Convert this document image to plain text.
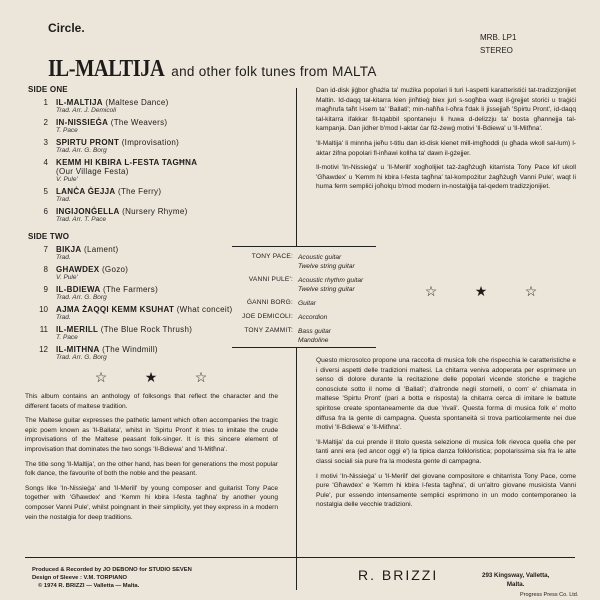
Circle.
MRB. LP1
STEREO
IL-MALTIJA and other folk tunes from MALTA
SIDE ONE
1	IL-MALTIJA (Maltese Dance)
Trad. Arr. J. Demicoli
2	IN-NISSIEĠA (The Weavers)
T. Pace
3	SPIRTU PRONT (Improvisation)
Trad. Arr. G. Borg
4	KEMM HI KBIRA L-FESTA TAGĦNA
(Our Village Festa)
V. Pule'
5	LANĊA ĠEJJA (The Ferry)
Trad.
6	INGIJONĠELLA (Nursery Rhyme)
Trad. Arr. T. Pace
SIDE TWO
7	BIKJA (Lament)
Trad.
8	GHAWDEX (Gozo)
V. Pule'
9	IL-BDIEWA (The Farmers)
Trad. Arr. G. Borg
10	AJMA ŻAQQI KEMM KSUHAT (What conceit)
Trad.
11	IL-MERILL (The Blue Rock Thrush)
T. Pace
12	IL-MITHNA (The Windmill)
Trad. Arr. G. Borg
☆	★	☆
TONY PACE: Acoustic guitar
Twelve string guitar
VANNI PULE': Acoustic rhythm guitar
Twelve string guitar
ĠANNI BORG: Guitar
JOE DEMICOLI: Accordion
TONY ZAMMIT: Bass guitar
Mandoline
☆	★	☆

Dan id-disk jiġbor għażla ta' mużika popolari li turi l-aspetti karatteristiċi tat-tradizzjonijiet Maltin. Id-daqq tal-kitarra kien jinħtieġ biex juri s-sogħba waqt il-ġrejjet storiċi u traġiċi magħrufa taħt l-isem ta' 'Ballati'; min-naħħa l-oħra f'dak li jissejjaħ 'Spirtu Pront', id-daqq tal-kitarra ifakkar fit-tqabbil spontaneju li huwa d-delizzju ta' bosta għannejja tal-kampanja. Dan jidher b'mod l-aktar ċar fiż-żewġ motivi 'Il-Bdiewa' u 'Il-Mitħna'.

'Il-Maltija' li minnha jieħu t-titlu dan id-disk kienet mill-imgħoddi (u għada wkoll sal-lum) l-aktar żifna popolari fl-inħawi kollha ta' dawn il-gżejjer.

Il-motivi 'In-Nissieġa' u 'Il-Merill' xogħolijiet taż-żagħżugħ kitarrista Tony Pace kif ukoll 'Għawdex' u 'Kemm hi kbira l-festa tagħna' tal-kompożitur żagħżugħ Vanni Pule', waqt li huma ferm sempliċi joħolqu b'mod modern in-nostalġija tal-qedem tradizzjonijiet.

This album contains an anthology of folksongs that reflect the character and the different facets of maltese tradition.

The Maltese guitar expresses the pathetic lament which often accompanies the tragic epic poem known as 'Il-Ballata', whilst in 'Spirtu Pront' it tries to imitate the crude improvisations of the Maltese peasant folk-singer. It is this sincere element of improvisation that dominates the two songs 'Il-Bdiewa' and 'Il-Mitħna'.

The title song 'Il-Maltija', on the other hand, has been for generations the most popular folk dance, the favourite of both the noble and the peasant.

Songs like 'In-Nissieġa' and 'Il-Merill' by young composer and guitarist Tony Pace together with 'Għawdex' and 'Kemm hi kbira l-festa tagħna' by another young composer Vanni Pule', whilst poingnant in their simplicity, yet they express in a modern vein the nostalgia for deep traditions.

Questo microsolco propone una raccolta di musica folk che rispecchia le caratteristiche e i diversi aspetti delle tradizioni maltesi. La chitarra veniva adoperata per esprimere un senso di dolore durante la recitazione delle popolari vicende storiche e tragiche conosciute sotto il nome di 'Ballati'; d'altronde negli stornelli, o com' e' chiamata in maltese 'Spirtu Pront' (pari a botta e risposta) la chitarra cerca di imitare le battute spiritose create spontaneamente da due 'rivali'. Questa forma di musica folk e' molto diffusa fra la gente di campagna. Questa spontaneità si trova particolarmente nei due motivi 'Il-Bdiewa' e 'Il-Mitħna'.

'Il-Maltija' da cui prende il titolo questa selezione di musica folk rievoca quella che per tanti anni era (ed ancor oggi e') la tipica danza folkloristica; popolarissima sia fra le alte classi sociali sia pure fra la modesta gente di campagna.

I motivi 'In-Nissieġa' u 'Il-Merill' del giovane compositore e chitarrista Tony Pace, come pure 'Għawdex' e 'Kemm hi kbira l-festa tagħna', di un'altro giovane musicista Vanni Pule', pur essendo intensamente semplici esprimono in un modo contemporaneo la nostalgia delle vecchie tradizioni.

Produced & Recorded by JO DEBONO for STUDIO SEVEN
Design of Sleeve : V.M. TORPIANO
© 1974 R. BRIZZI — Valletta — Malta.
R. BRIZZI	293 Kingsway, Valletta,
Malta.
Progress Press Co. Ltd.
